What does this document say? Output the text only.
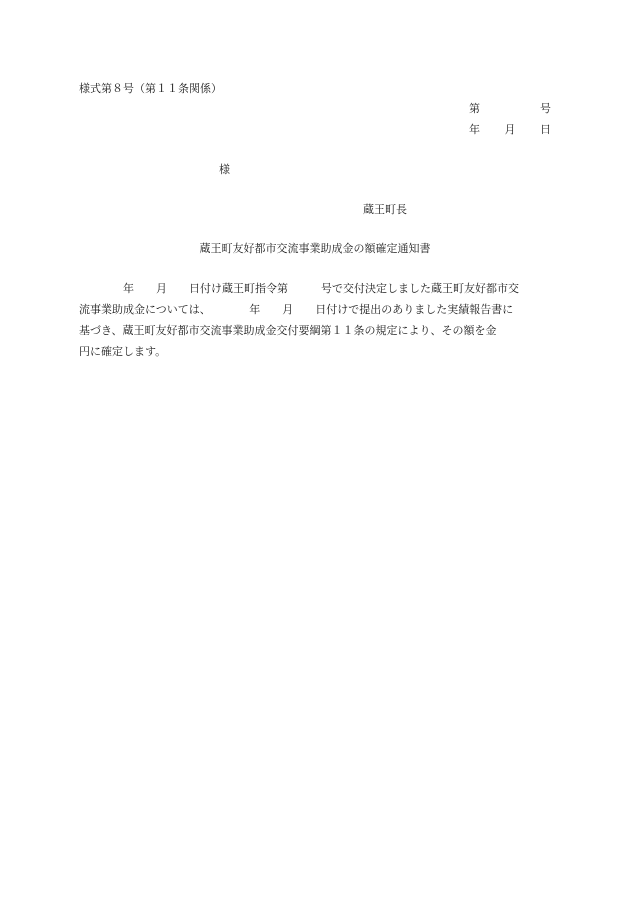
様式第８号（第１１条関係）
第	号
年 月 日
様
蔵王町長
蔵王町友好都市交流事業助成金の額確定通知書
　　　　年　　月　　日付け蔵王町指令第　　　号で交付決定しました蔵王町友好都市交
流事業助成金については、　　　　年　　月　　日付けで提出のありました実績報告書に
基づき、蔵王町友好都市交流事業助成金交付要綱第１１条の規定により、その額を金
円に確定します。
